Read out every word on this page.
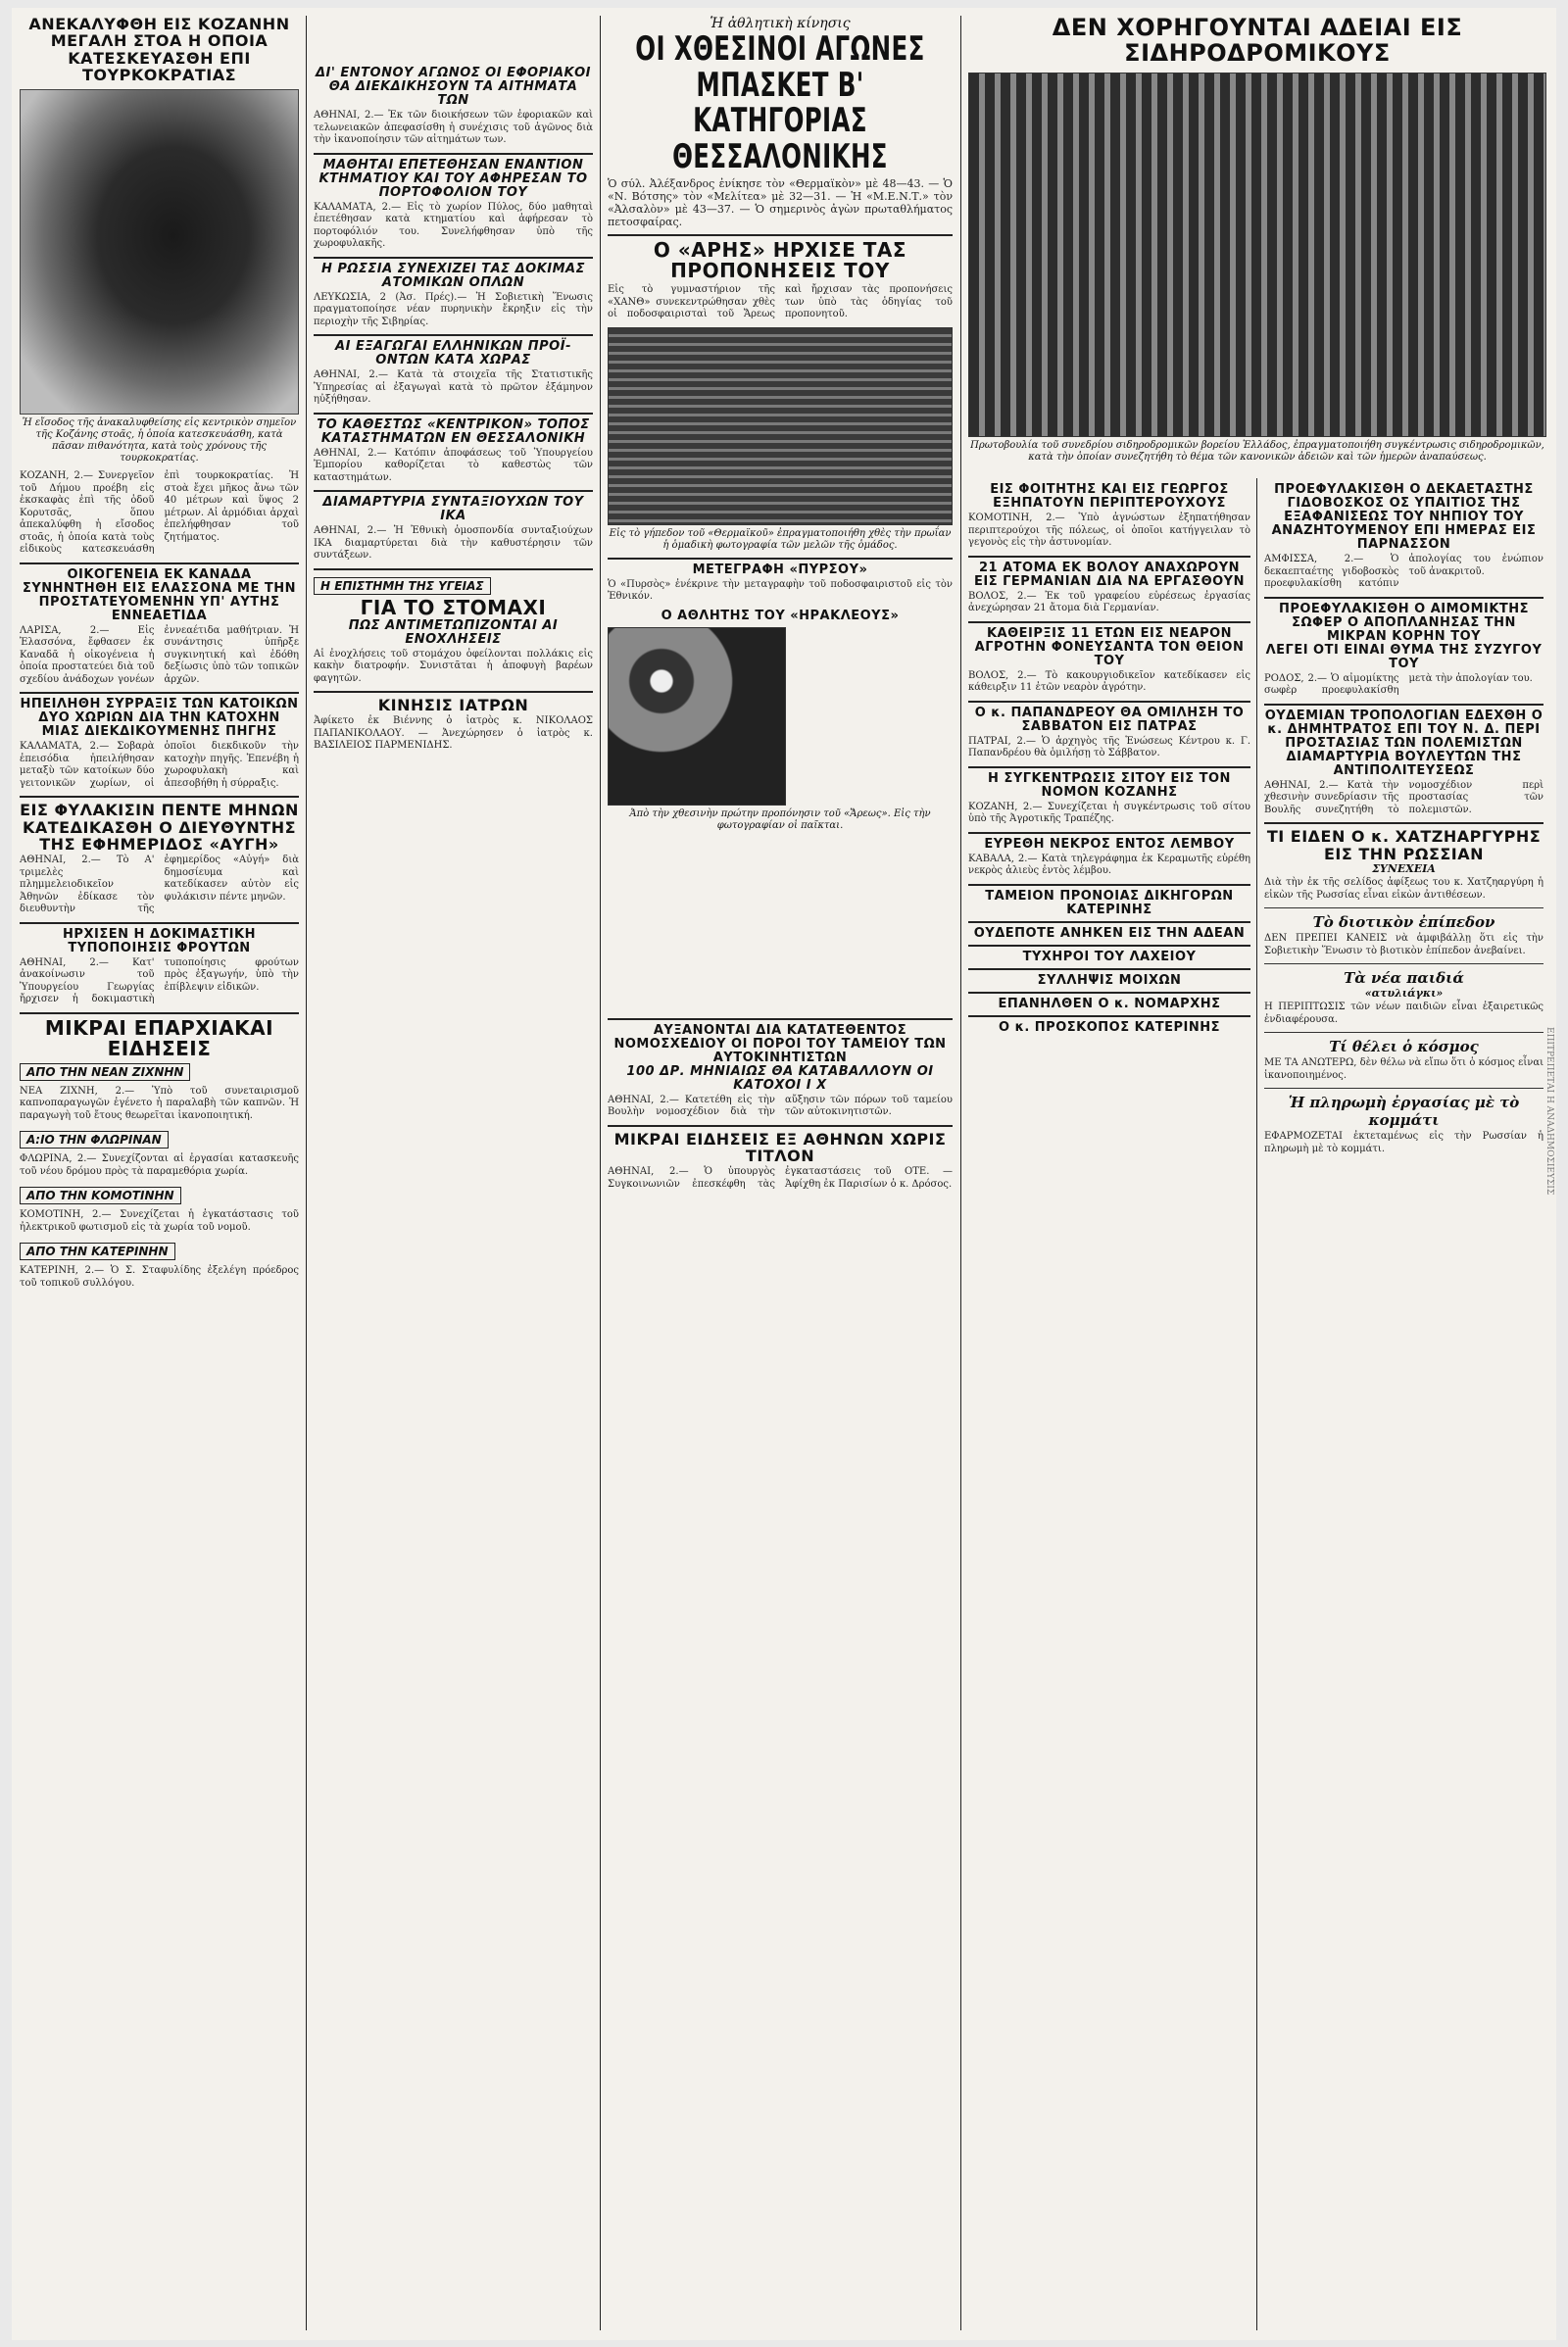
ΑΝΕΚΑΛΥΦΘΗ ΕΙΣ ΚΟΖΑΝΗΝ ΜΕΓΑΛΗ ΣΤΟΑ Η ΟΠΟΙΑ ΚΑΤΕΣΚΕΥΑΣΘΗ ΕΠΙ ΤΟΥΡΚΟΚΡΑΤΙΑΣ
Ἡ εἴσοδος τῆς ἀνακαλυφθείσης εἰς κεντρικὸν σημεῖον τῆς Κοζάνης στοᾶς, ἡ ὁποία κατεσκευάσθη, κατὰ πᾶσαν πιθανότητα, κατὰ τοὺς χρόνους τῆς τουρκοκρατίας.
ΚΟΖΑΝΗ, 2.— Συνεργεῖον τοῦ Δήμου προέβη εἰς ἐκσκαφὰς ἐπὶ τῆς ὁδοῦ Κορυτσᾶς, ὅπου ἀπεκαλύφθη ἡ εἴσοδος στοᾶς, ἡ ὁποία κατὰ τοὺς εἰδικοὺς κατεσκευάσθη ἐπὶ τουρκοκρατίας. Ἡ στοὰ ἔχει μῆκος ἄνω τῶν 40 μέτρων καὶ ὕψος 2 μέτρων. Αἱ ἀρμόδιαι ἀρχαὶ ἐπελήφθησαν τοῦ ζητήματος.
ΟΙΚΟΓΕΝΕΙΑ ΕΚ ΚΑΝΑΔΑ ΣΥΝΗΝΤΗΘΗ ΕΙΣ ΕΛΑΣΣΟΝΑ ΜΕ ΤΗΝ ΠΡΟΣΤΑΤΕΥΟΜΕΝΗΝ ΥΠ' ΑΥΤΗΣ ΕΝΝΕΑΕΤΙΔΑ
ΛΑΡΙΣΑ, 2.— Εἰς Ἐλασσόνα, ἔφθασεν ἐκ Καναδᾶ ἡ οἰκογένεια ἡ ὁποία προστατεύει διὰ τοῦ σχεδίου ἀνάδοχων γονέων ἐννεαέτιδα μαθήτριαν. Ἡ συνάντησις ὑπῆρξε συγκινητική καὶ ἐδόθη δεξίωσις ὑπὸ τῶν τοπικῶν ἀρχῶν.
ΗΠΕΙΛΗΘΗ ΣΥΡΡΑΞΙΣ ΤΩΝ ΚΑΤΟΙΚΩΝ ΔΥΟ ΧΩΡΙΩΝ ΔΙΑ ΤΗΝ ΚΑΤΟΧΗΝ ΜΙΑΣ ΔΙΕΚΔΙΚΟΥΜΕΝΗΣ ΠΗΓΗΣ
ΚΑΛΑΜΑΤΑ, 2.— Σοβαρὰ ἐπεισόδια ἠπειλήθησαν μεταξὺ τῶν κατοίκων δύο γειτονικῶν χωρίων, οἱ ὁποῖοι διεκδικοῦν τὴν κατοχὴν πηγῆς. Ἐπενέβη ἡ χωροφυλακὴ καὶ ἀπεσοβήθη ἡ σύρραξις.
ΕΙΣ ΦΥΛΑΚΙΣΙΝ ΠΕΝΤΕ ΜΗΝΩΝ ΚΑΤΕΔΙΚΑΣΘΗ Ο ΔΙΕΥΘΥΝΤΗΣ ΤΗΣ ΕΦΗΜΕΡΙΔΟΣ «ΑΥΓΗ»
ΑΘΗΝΑΙ, 2.— Τὸ Α' τριμελὲς πλημμελειοδικεῖον Ἀθηνῶν ἐδίκασε τὸν διευθυντὴν τῆς ἐφημερίδος «Αὐγή» διὰ δημοσίευμα καὶ κατεδίκασεν αὐτὸν εἰς φυλάκισιν πέντε μηνῶν.
ΗΡΧΙΣΕΝ Η ΔΟΚΙΜΑΣΤΙΚΗ ΤΥΠΟΠΟΙΗΣΙΣ ΦΡΟΥΤΩΝ
ΑΘΗΝΑΙ, 2.— Κατ' ἀνακοίνωσιν τοῦ Ὑπουργείου Γεωργίας ἤρχισεν ἡ δοκιμαστικὴ τυποποίησις φρούτων πρὸς ἐξαγωγήν, ὑπὸ τὴν ἐπίβλεψιν εἰδικῶν.
ΜΙΚΡΑΙ ΕΠΑΡΧΙΑΚΑΙ ΕΙΔΗΣΕΙΣ
ΑΠΟ ΤΗΝ ΝΕΑΝ ΖΙΧΝΗΝ
ΝΕΑ ΖΙΧΝΗ, 2.— Ὑπὸ τοῦ συνεταιρισμοῦ καπνοπαραγωγῶν ἐγένετο ἡ παραλαβὴ τῶν καπνῶν. Ἡ παραγωγὴ τοῦ ἔτους θεωρεῖται ἱκανοποιητική.
Α:ΙΟ ΤΗΝ ΦΛΩΡΙΝΑΝ
ΦΛΩΡΙΝΑ, 2.— Συνεχίζονται αἱ ἐργασίαι κατασκευῆς τοῦ νέου δρόμου πρὸς τὰ παραμεθόρια χωρία.
ΑΠΟ ΤΗΝ ΚΟΜΟΤΙΝΗΝ
ΚΟΜΟΤΙΝΗ, 2.— Συνεχίζεται ἡ ἐγκατάστασις τοῦ ἠλεκτρικοῦ φωτισμοῦ εἰς τὰ χωρία τοῦ νομοῦ.
ΑΠΟ ΤΗΝ ΚΑΤΕΡΙΝΗΝ
ΚΑΤΕΡΙΝΗ, 2.— Ὁ Σ. Σταφυλίδης ἐξελέγη πρόεδρος τοῦ τοπικοῦ συλλόγου.
ΔΙ' ΕΝΤΟΝΟΥ ΑΓΩΝΟΣ ΟΙ ΕΦΟΡΙΑΚΟΙ ΘΑ ΔΙΕΚΔΙΚΗΣΟΥΝ ΤΑ ΑΙΤΗΜΑΤΑ ΤΩΝ
ΑΘΗΝΑΙ, 2.— Ἐκ τῶν διοικήσεων τῶν ἐφοριακῶν καὶ τελωνειακῶν ἀπεφασίσθη ἡ συνέχισις τοῦ ἀγῶνος διὰ τὴν ἱκανοποίησιν τῶν αἰτημάτων των.
ΜΑΘΗΤΑΙ ΕΠΕΤΕΘΗΣΑΝ ΕΝΑΝΤΙΟΝ ΚΤΗΜΑΤΙΟΥ ΚΑΙ ΤΟΥ ΑΦΗΡΕΣΑΝ ΤΟ ΠΟΡΤΟΦΟΛΙΟΝ ΤΟΥ
ΚΑΛΑΜΑΤΑ, 2.— Εἰς τὸ χωρίον Πύλος, δύο μαθηταὶ ἐπετέθησαν κατὰ κτηματίου καὶ ἀφήρεσαν τὸ πορτοφόλιόν του. Συνελήφθησαν ὑπὸ τῆς χωροφυλακῆς.
Η ΡΩΣΣΙΑ ΣΥΝΕΧΙΖΕΙ ΤΑΣ ΔΟΚΙΜΑΣ ΑΤΟΜΙΚΩΝ ΟΠΛΩΝ
ΛΕΥΚΩΣΙΑ, 2 (Ἀσ. Πρές).— Ἡ Σοβιετικὴ Ἕνωσις πραγματοποίησε νέαν πυρηνικὴν ἔκρηξιν εἰς τὴν περιοχὴν τῆς Σιβηρίας.
ΑΙ ΕΞΑΓΩΓΑΙ ΕΛΛΗΝΙΚΩΝ ΠΡΟΪ-ΟΝΤΩΝ ΚΑΤΑ ΧΩΡΑΣ
ΑΘΗΝΑΙ, 2.— Κατὰ τὰ στοιχεῖα τῆς Στατιστικῆς Ὑπηρεσίας αἱ ἐξαγωγαὶ κατὰ τὸ πρῶτον ἑξάμηνον ηὐξήθησαν.
ΤΟ ΚΑΘΕΣΤΩΣ «ΚΕΝΤΡΙΚΟΝ» ΤΟΠΟΣ ΚΑΤΑΣΤΗΜΑΤΩΝ ΕΝ ΘΕΣΣΑΛΟΝΙΚΗ
ΑΘΗΝΑΙ, 2.— Κατόπιν ἀποφάσεως τοῦ Ὑπουργείου Ἐμπορίου καθορίζεται τὸ καθεστὼς τῶν καταστημάτων.
ΔΙΑΜΑΡΤΥΡΙΑ ΣΥΝΤΑΞΙΟΥΧΩΝ ΤΟΥ ΙΚΑ
ΑΘΗΝΑΙ, 2.— Ἡ Ἐθνικὴ ὁμοσπονδία συνταξιούχων ΙΚΑ διαμαρτύρεται διὰ τὴν καθυστέρησιν τῶν συντάξεων.
Η ΕΠΙΣΤΗΜΗ ΤΗΣ ΥΓΕΙΑΣ
ΓΙΑ ΤΟ ΣΤΟΜΑΧΙ
ΠΩΣ ΑΝΤΙΜΕΤΩΠΙΖΟΝΤΑΙ ΑΙ ΕΝΟΧΛΗΣΕΙΣ
Αἱ ἐνοχλήσεις τοῦ στομάχου ὀφείλονται πολλάκις εἰς κακὴν διατροφήν. Συνιστᾶται ἡ ἀποφυγὴ βαρέων φαγητῶν.
ΚΙΝΗΣΙΣ ΙΑΤΡΩΝ
Ἀφίκετο ἐκ Βιέννης ὁ ἰατρὸς κ. ΝΙΚΟΛΑΟΣ ΠΑΠΑΝΙΚΟΛΑΟΥ. — Ἀνεχώρησεν ὁ ἰατρὸς κ. ΒΑΣΙΛΕΙΟΣ ΠΑΡΜΕΝΙΔΗΣ.
Ἡ ἀθλητικὴ κίνησις
ΟΙ ΧΘΕΣΙΝΟΙ ΑΓΩΝΕΣ ΜΠΑΣΚΕΤ Β' ΚΑΤΗΓΟΡΙΑΣ ΘΕΣΣΑΛΟΝΙΚΗΣ
Ὁ σύλ. Ἀλέξανδρος ἐνίκησε τὸν «Θερμαϊκὸν» μὲ 48—43. — Ὁ «Ν. Βότσης» τὸν «Μελίτεα» μὲ 32—31. — Ἡ «Μ.Ε.Ν.Τ.» τὸν «Ἀλσαλὸν» μὲ 43—37. — Ὁ σημερινὸς ἀγὼν πρωταθλήματος πετοσφαίρας.
Ο «ΑΡΗΣ» ΗΡΧΙΣΕ ΤΑΣ ΠΡΟΠΟΝΗΣΕΙΣ ΤΟΥ
Εἰς τὸ γυμναστήριον τῆς «ΧΑΝΘ» συνεκεντρώθησαν χθὲς οἱ ποδοσφαιρισταὶ τοῦ Ἄρεως καὶ ἤρχισαν τὰς προπονήσεις των ὑπὸ τὰς ὁδηγίας τοῦ προπονητοῦ.
Εἰς τὸ γήπεδον τοῦ «Θερμαϊκοῦ» ἐπραγματοποιήθη χθὲς τὴν πρωΐαν ἡ ὁμαδικὴ φωτογραφία τῶν μελῶν τῆς ὁμάδος.
ΜΕΤΕΓΡΑΦΗ «ΠΥΡΣΟΥ»
Ὁ «Πυρσὸς» ἐνέκρινε τὴν μεταγραφὴν τοῦ ποδοσφαιριστοῦ εἰς τὸν Ἐθνικόν.
Ο ΑΘΛΗΤΗΣ ΤΟΥ «ΗΡΑΚΛΕΟΥΣ»
Ἀπὸ τὴν χθεσινὴν πρώτην προπόνησιν τοῦ «Ἄρεως». Εἰς τὴν φωτογραφίαν οἱ παῖκται.
ΑΥΞΑΝΟΝΤΑΙ ΔΙΑ ΚΑΤΑΤΕΘΕΝΤΟΣ ΝΟΜΟΣΧΕΔΙΟΥ ΟΙ ΠΟΡΟΙ ΤΟΥ ΤΑΜΕΙΟΥ ΤΩΝ ΑΥΤΟΚΙΝΗΤΙΣΤΩΝ
100 ΔΡ. ΜΗΝΙΑΙΩΣ ΘΑ ΚΑΤΑΒΑΛΛΟΥΝ ΟΙ ΚΑΤΟΧΟΙ Ι Χ
ΑΘΗΝΑΙ, 2.— Κατετέθη εἰς τὴν Βουλὴν νομοσχέδιον διὰ τὴν αὔξησιν τῶν πόρων τοῦ ταμείου τῶν αὐτοκινητιστῶν.
ΜΙΚΡΑΙ ΕΙΔΗΣΕΙΣ ΕΞ ΑΘΗΝΩΝ ΧΩΡΙΣ ΤΙΤΛΟΝ
ΑΘΗΝΑΙ, 2.— Ὁ ὑπουργὸς Συγκοινωνιῶν ἐπεσκέφθη τὰς ἐγκαταστάσεις τοῦ ΟΤΕ. — Ἀφίχθη ἐκ Παρισίων ὁ κ. Δρόσος.
ΔΕΝ ΧΟΡΗΓΟΥΝΤΑΙ ΑΔΕΙΑΙ ΕΙΣ ΣΙΔΗΡΟΔΡΟΜΙΚΟΥΣ
Πρωτοβουλία τοῦ συνεδρίου σιδηροδρομικῶν βορείου Ἑλλάδος, ἐπραγματοποιήθη συγκέντρωσις σιδηροδρομικῶν, κατὰ τὴν ὁποίαν συνεζητήθη τὸ θέμα τῶν κανονικῶν ἀδειῶν καὶ τῶν ἡμερῶν ἀναπαύσεως.
ΕΙΣ ΦΟΙΤΗΤΗΣ ΚΑΙ ΕΙΣ ΓΕΩΡΓΟΣ ΕΞΗΠΑΤΟΥΝ ΠΕΡΙΠΤΕΡΟΥΧΟΥΣ
ΚΟΜΟΤΙΝΗ, 2.— Ὑπὸ ἀγνώστων ἐξηπατήθησαν περιπτερούχοι τῆς πόλεως, οἱ ὁποῖοι κατήγγειλαν τὸ γεγονὸς εἰς τὴν ἀστυνομίαν.
21 ΑΤΟΜΑ ΕΚ ΒΟΛΟΥ ΑΝΑΧΩΡΟΥΝ ΕΙΣ ΓΕΡΜΑΝΙΑΝ ΔΙΑ ΝΑ ΕΡΓΑΣΘΟΥΝ
ΒΟΛΟΣ, 2.— Ἐκ τοῦ γραφείου εὑρέσεως ἐργασίας ἀνεχώρησαν 21 ἄτομα διὰ Γερμανίαν.
ΚΑΘΕΙΡΞΙΣ 11 ΕΤΩΝ ΕΙΣ ΝΕΑΡΟΝ ΑΓΡΟΤΗΝ ΦΟΝΕΥΣΑΝΤΑ ΤΟΝ ΘΕΙΟΝ ΤΟΥ
ΒΟΛΟΣ, 2.— Τὸ κακουργιοδικεῖον κατεδίκασεν εἰς κάθειρξιν 11 ἐτῶν νεαρὸν ἀγρότην.
Ο κ. ΠΑΠΑΝΔΡΕΟΥ ΘΑ ΟΜΙΛΗΣΗ ΤΟ ΣΑΒΒΑΤΟΝ ΕΙΣ ΠΑΤΡΑΣ
ΠΑΤΡΑΙ, 2.— Ὁ ἀρχηγὸς τῆς Ἑνώσεως Κέντρου κ. Γ. Παπανδρέου θὰ ὁμιλήσῃ τὸ Σάββατον.
Η ΣΥΓΚΕΝΤΡΩΣΙΣ ΣΙΤΟΥ ΕΙΣ ΤΟΝ ΝΟΜΟΝ ΚΟΖΑΝΗΣ
ΚΟΖΑΝΗ, 2.— Συνεχίζεται ἡ συγκέντρωσις τοῦ σίτου ὑπὸ τῆς Ἀγροτικῆς Τραπέζης.
ΕΥΡΕΘΗ ΝΕΚΡΟΣ ΕΝΤΟΣ ΛΕΜΒΟΥ
ΚΑΒΑΛΑ, 2.— Κατὰ τηλεγράφημα ἐκ Κεραμωτῆς εὑρέθη νεκρὸς ἁλιεὺς ἐντὸς λέμβου.
ΤΑΜΕΙΟΝ ΠΡΟΝΟΙΑΣ ΔΙΚΗΓΟΡΩΝ ΚΑΤΕΡΙΝΗΣ
ΟΥΔΕΠΟΤΕ ΑΝΗΚΕΝ ΕΙΣ ΤΗΝ ΑΔΕΑΝ
ΤΥΧΗΡΟΙ ΤΟΥ ΛΑΧΕΙΟΥ
ΣΥΛΛΗΨΙΣ ΜΟΙΧΩΝ
ΕΠΑΝΗΛΘΕΝ Ο κ. ΝΟΜΑΡΧΗΣ
Ο κ. ΠΡΟΣΚΟΠΟΣ ΚΑΤΕΡΙΝΗΣ
ΠΡΟΕΦΥΛΑΚΙΣΘΗ Ο ΔΕΚΑΕΤΑΣΤΗΣ ΓΙΔΟΒΟΣΚΟΣ ΟΣ ΥΠΑΙΤΙΟΣ ΤΗΣ ΕΞΑΦΑΝΙΣΕΩΣ ΤΟΥ ΝΗΠΙΟΥ ΤΟΥ ΑΝΑΖΗΤΟΥΜΕΝΟΥ ΕΠΙ ΗΜΕΡΑΣ ΕΙΣ ΠΑΡΝΑΣΣΟΝ
ΑΜΦΙΣΣΑ, 2.— Ὁ δεκαεπταέτης γιδοβοσκὸς προεφυλακίσθη κατόπιν ἀπολογίας του ἐνώπιον τοῦ ἀνακριτοῦ.
ΠΡΟΕΦΥΛΑΚΙΣΘΗ Ο ΑΙΜΟΜΙΚΤΗΣ ΣΩΦΕΡ Ο ΑΠΟΠΛΑΝΗΣΑΣ ΤΗΝ ΜΙΚΡΑΝ ΚΟΡΗΝ ΤΟΥ
ΛΕΓΕΙ ΟΤΙ ΕΙΝΑΙ ΘΥΜΑ ΤΗΣ ΣΥΖΥΓΟΥ ΤΟΥ
ΡΟΔΟΣ, 2.— Ὁ αἰμομίκτης σωφὲρ προεφυλακίσθη μετὰ τὴν ἀπολογίαν του.
ΟΥΔΕΜΙΑΝ ΤΡΟΠΟΛΟΓΙΑΝ ΕΔΕΧΘΗ Ο κ. ΔΗΜΗΤΡΑΤΟΣ ΕΠΙ ΤΟΥ Ν. Δ. ΠΕΡΙ ΠΡΟΣΤΑΣΙΑΣ ΤΩΝ ΠΟΛΕΜΙΣΤΩΝ
ΔΙΑΜΑΡΤΥΡΙΑ ΒΟΥΛΕΥΤΩΝ ΤΗΣ ΑΝΤΙΠΟΛΙΤΕΥΣΕΩΣ
ΑΘΗΝΑΙ, 2.— Κατὰ τὴν χθεσινὴν συνεδρίασιν τῆς Βουλῆς συνεζητήθη τὸ νομοσχέδιον περὶ προστασίας τῶν πολεμιστῶν.
ΤΙ ΕΙΔΕΝ Ο κ. ΧΑΤΖΗΑΡΓΥΡΗΣ ΕΙΣ ΤΗΝ ΡΩΣΣΙΑΝ
ΣΥΝΕΧΕΙΑ
Διὰ τὴν ἐκ τῆς σελίδος ἀφίξεως του κ. Χατζηαργύρη ἡ εἰκὼν τῆς Ρωσσίας εἶναι εἰκὼν ἀντιθέσεων.
Τὸ διοτικὸν ἐπίπεδον
ΔΕΝ ΠΡΕΠΕΙ ΚΑΝΕΙΣ νὰ ἀμφιβάλλῃ ὅτι εἰς τὴν Σοβιετικὴν Ἕνωσιν τὸ βιοτικὸν ἐπίπεδον ἀνεβαίνει.
Τὰ νέα παιδιά
«ατυλιάγκι»
Η ΠΕΡΙΠΤΩΣΙΣ τῶν νέων παιδιῶν εἶναι ἐξαιρετικῶς ἐνδιαφέρουσα.
Τί θέλει ὁ κόσμος
ΜΕ ΤΑ ΑΝΩΤΕΡΩ, δὲν θέλω νὰ εἴπω ὅτι ὁ κόσμος εἶναι ἱκανοποιημένος.
Ἡ πληρωμὴ ἐργασίας μὲ τὸ κομμάτι
ΕΦΑΡΜΟΖΕΤΑΙ ἐκτεταμένως εἰς τὴν Ρωσσίαν ἡ πληρωμὴ μὲ τὸ κομμάτι.	ΕΠΙΤΡΕΠΕΤΑΙ Η ΑΝΑΔΗΜΟΣΙΕΥΣΙΣ
